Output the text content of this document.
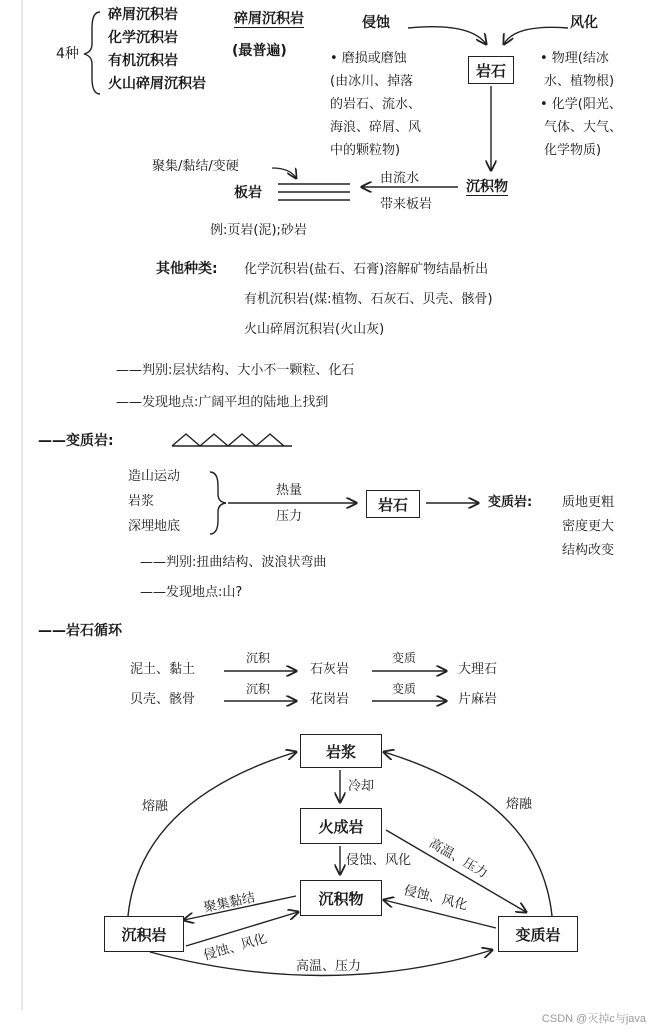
4种
碎屑沉积岩
化学沉积岩
有机沉积岩
火山碎屑沉积岩
碎屑沉积岩
(最普遍)
侵蚀	风化
岩石
• 磨损或磨蚀
(由冰川、掉落
的岩石、流水、
海浪、碎屑、风
中的颗粒物)
• 物理(结冰
水、植物根)
• 化学(阳光、
气体、大气、
化学物质)
沉积物
由流水
带来板岩
聚集/黏结/变硬
板岩
例:页岩(泥);砂岩
其他种类: 化学沉积岩(盐石、石膏)溶解矿物结晶析出
有机沉积岩(煤:植物、石灰石、贝壳、骸骨)
火山碎屑沉积岩(火山灰)
——判别:层状结构、大小不一颗粒、化石
——发现地点:广阔平坦的陆地上找到
——变质岩:
造山运动
岩浆
深埋地底
热量
压力
岩石	变质岩: 质地更粗
密度更大
结构改变
——判别:扭曲结构、波浪状弯曲
——发现地点:山?
——岩石循环
泥土、黏土
沉积
石灰岩
变质
大理石
贝壳、骸骨
沉积
花岗岩
变质
片麻岩
岩浆
冷却
火成岩
侵蚀、风化
沉积物
沉积岩	变质岩
熔融	熔融
高温、压力
侵蚀、风化
聚集黏结
侵蚀、风化
高温、压力
CSDN @灭掉c与java
